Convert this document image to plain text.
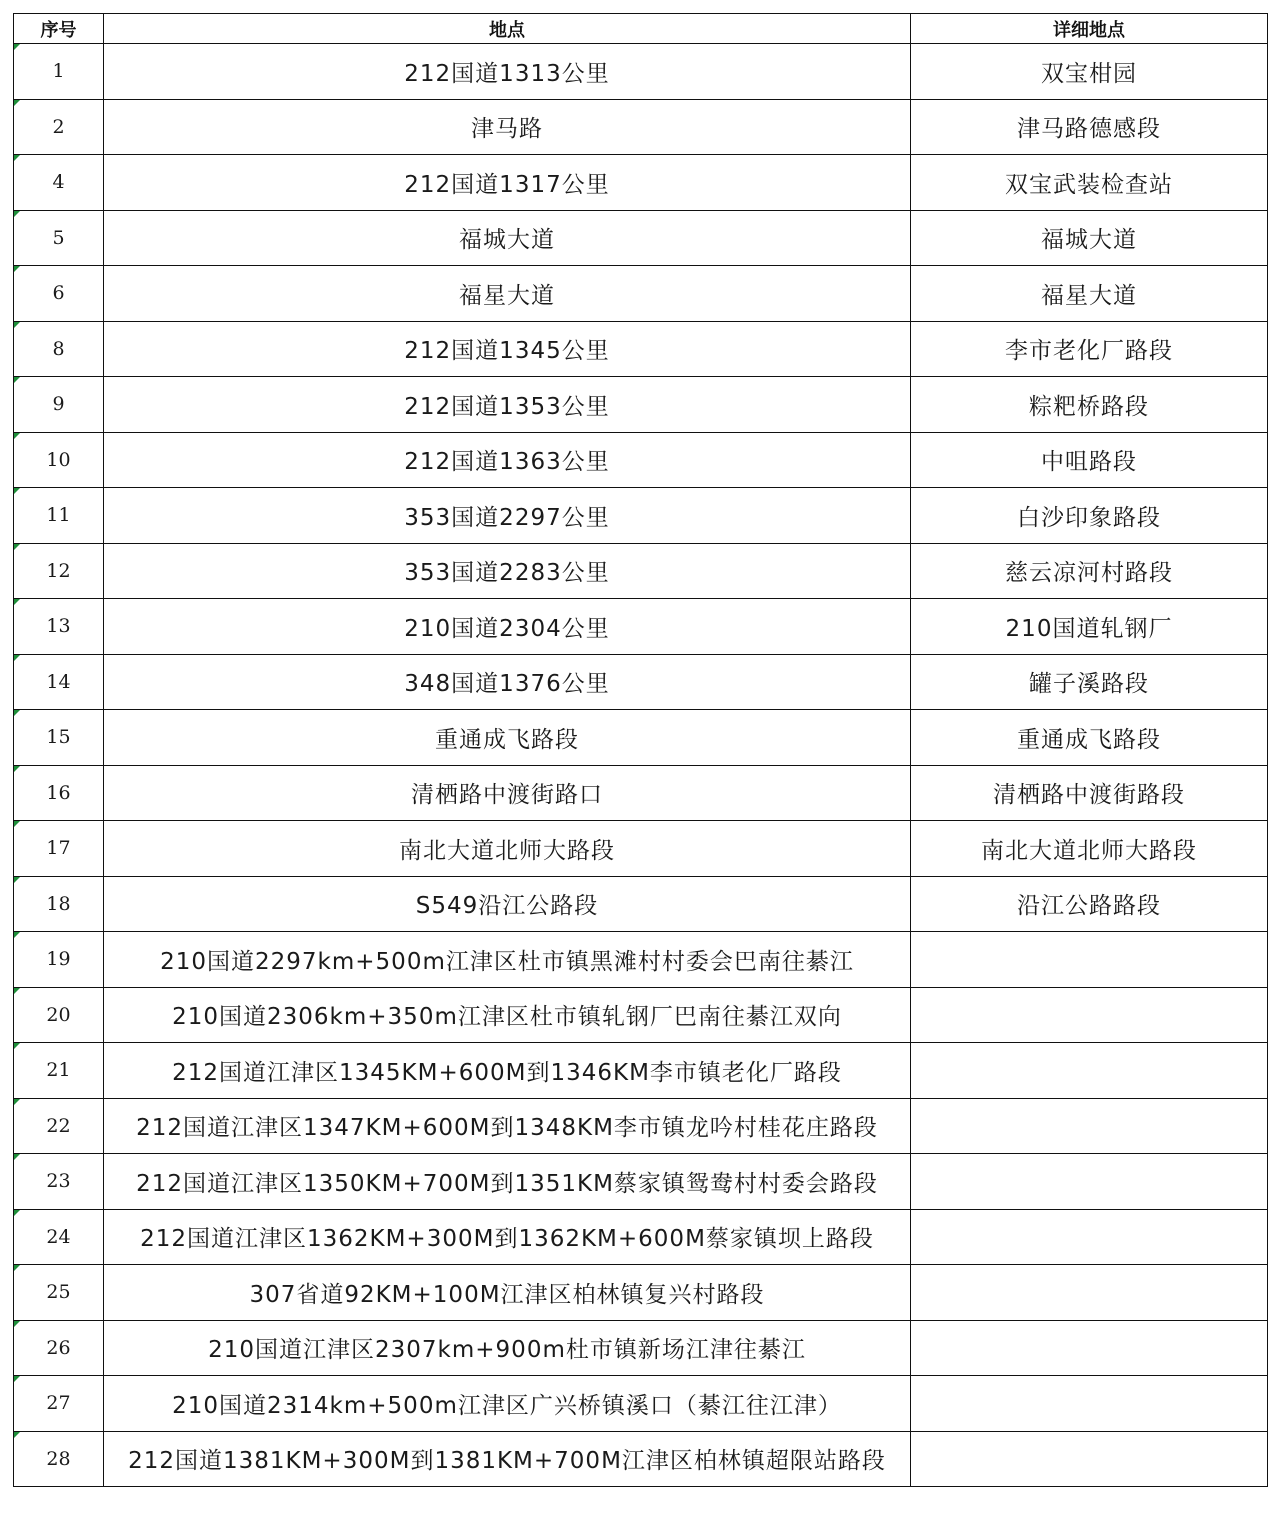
序号	地点	详细地点

1	212国道1313公里	双宝柑园

2	津马路	津马路德感段

4	212国道1317公里	双宝武装检查站

5	福城大道	福城大道

6	福星大道	福星大道

8	212国道1345公里	李市老化厂路段

9	212国道1353公里	粽粑桥路段

10	212国道1363公里	中咀路段

11	353国道2297公里	白沙印象路段

12	353国道2283公里	慈云凉河村路段

13	210国道2304公里	210国道轧钢厂

14	348国道1376公里	罐子溪路段

15	重通成飞路段	重通成飞路段

16	清栖路中渡街路口	清栖路中渡街路段

17	南北大道北师大路段	南北大道北师大路段

18	S549沿江公路段	沿江公路路段

19	210国道2297km+500m江津区杜市镇黑滩村村委会巴南往綦江	

20	210国道2306km+350m江津区杜市镇轧钢厂巴南往綦江双向	

21	212国道江津区1345KM+600M到1346KM李市镇老化厂路段	

22	212国道江津区1347KM+600M到1348KM李市镇龙吟村桂花庄路段	

23	212国道江津区1350KM+700M到1351KM蔡家镇鸳鸯村村委会路段	

24	212国道江津区1362KM+300M到1362KM+600M蔡家镇坝上路段	

25	307省道92KM+100M江津区柏林镇复兴村路段	

26	210国道江津区2307km+900m杜市镇新场江津往綦江	

27	210国道2314km+500m江津区广兴桥镇溪口（綦江往江津）	

28	212国道1381KM+300M到1381KM+700M江津区柏林镇超限站路段	
